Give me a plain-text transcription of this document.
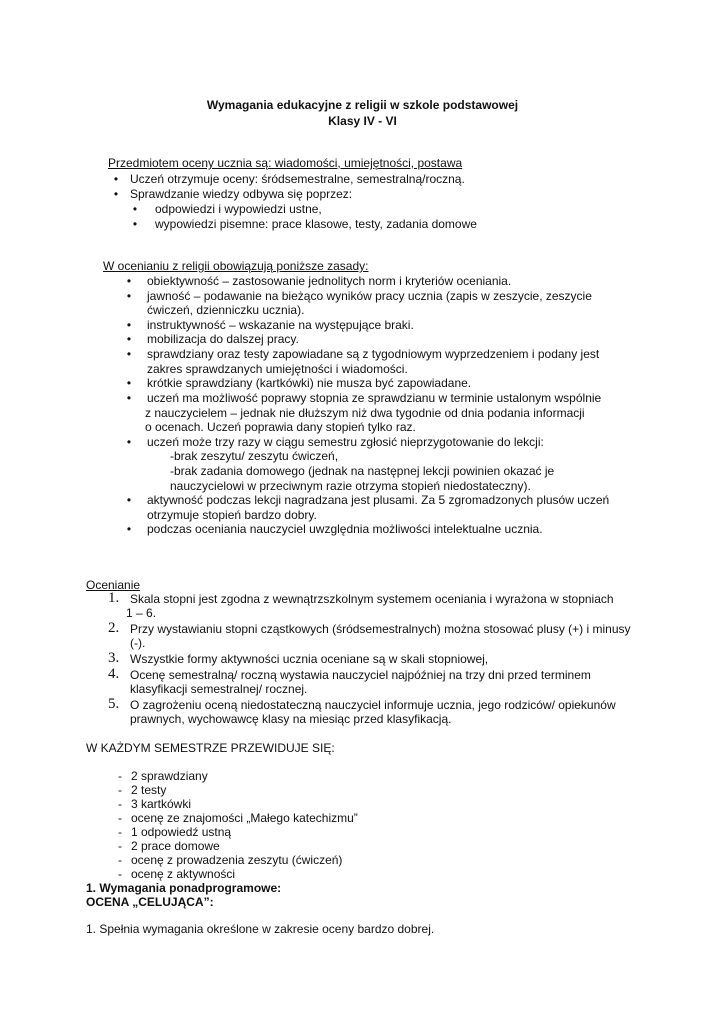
Wymagania edukacyjne z religii w szkole podstawowej
Klasy IV - VI
Przedmiotem oceny ucznia są: wiadomości, umiejętności, postawa
•
Uczeń otrzymuje oceny: śródsemestralne, semestralną/roczną.
•
Sprawdzanie wiedzy odbywa się poprzez:
•
odpowiedzi i wypowiedzi ustne,
•
wypowiedzi pisemne: prace klasowe, testy, zadania domowe
W ocenianiu z religii obowiązują poniższe zasady:
•
obiektywność – zastosowanie jednolitych norm i kryteriów oceniania.
•
jawność – podawanie na bieżąco wyników pracy ucznia (zapis w zeszycie, zeszycie
ćwiczeń, dzienniczku ucznia).
•
instruktywność – wskazanie na występujące braki.
•
mobilizacja do dalszej pracy.
•
sprawdziany oraz testy zapowiadane są z tygodniowym wyprzedzeniem i podany jest
zakres sprawdzanych umiejętności i wiadomości.
•
krótkie sprawdziany (kartkówki) nie musza być zapowiadane.
•
uczeń ma możliwość poprawy stopnia ze sprawdzianu w terminie ustalonym wspólnie
z nauczycielem – jednak nie dłuższym niż dwa tygodnie od dnia podania informacji
o ocenach. Uczeń poprawia dany stopień tylko raz.
•
uczeń może trzy razy w ciągu semestru zgłosić nieprzygotowanie do lekcji:
-brak zeszytu/ zeszytu ćwiczeń,
-brak zadania domowego (jednak na następnej lekcji powinien okazać je
nauczycielowi w przeciwnym razie otrzyma stopień niedostateczny).
•
aktywność podczas lekcji nagradzana jest plusami. Za 5 zgromadzonych plusów uczeń
otrzymuje stopień bardzo dobry.
•
podczas oceniania nauczyciel uwzględnia możliwości intelektualne ucznia.
Ocenianie
1. Skala stopni jest zgodna z wewnątrzszkolnym systemem oceniania i wyrażona w stopniach
1 – 6.
2. Przy wystawianiu stopni cząstkowych (śródsemestralnych) można stosować plusy (+) i minusy
(-).
3. Wszystkie formy aktywności ucznia oceniane są w skali stopniowej,
4. Ocenę semestralną/ roczną wystawia nauczyciel najpóźniej na trzy dni przed terminem
klasyfikacji semestralnej/ rocznej.
5. O zagrożeniu oceną niedostateczną nauczyciel informuje ucznia, jego rodziców/ opiekunów
prawnych, wychowawcę klasy na miesiąc przed klasyfikacją.
W KAŻDYM SEMESTRZE PRZEWIDUJE SIĘ:
- 2 sprawdziany
- 2 testy
- 3 kartkówki
- ocenę ze znajomości „Małego katechizmu”
- 1 odpowiedź ustną
- 2 prace domowe
- ocenę z prowadzenia zeszytu (ćwiczeń)
- ocenę z aktywności
1. Wymagania ponadprogramowe:
OCENA „CELUJĄCA”:
1. Spełnia wymagania określone w zakresie oceny bardzo dobrej.
